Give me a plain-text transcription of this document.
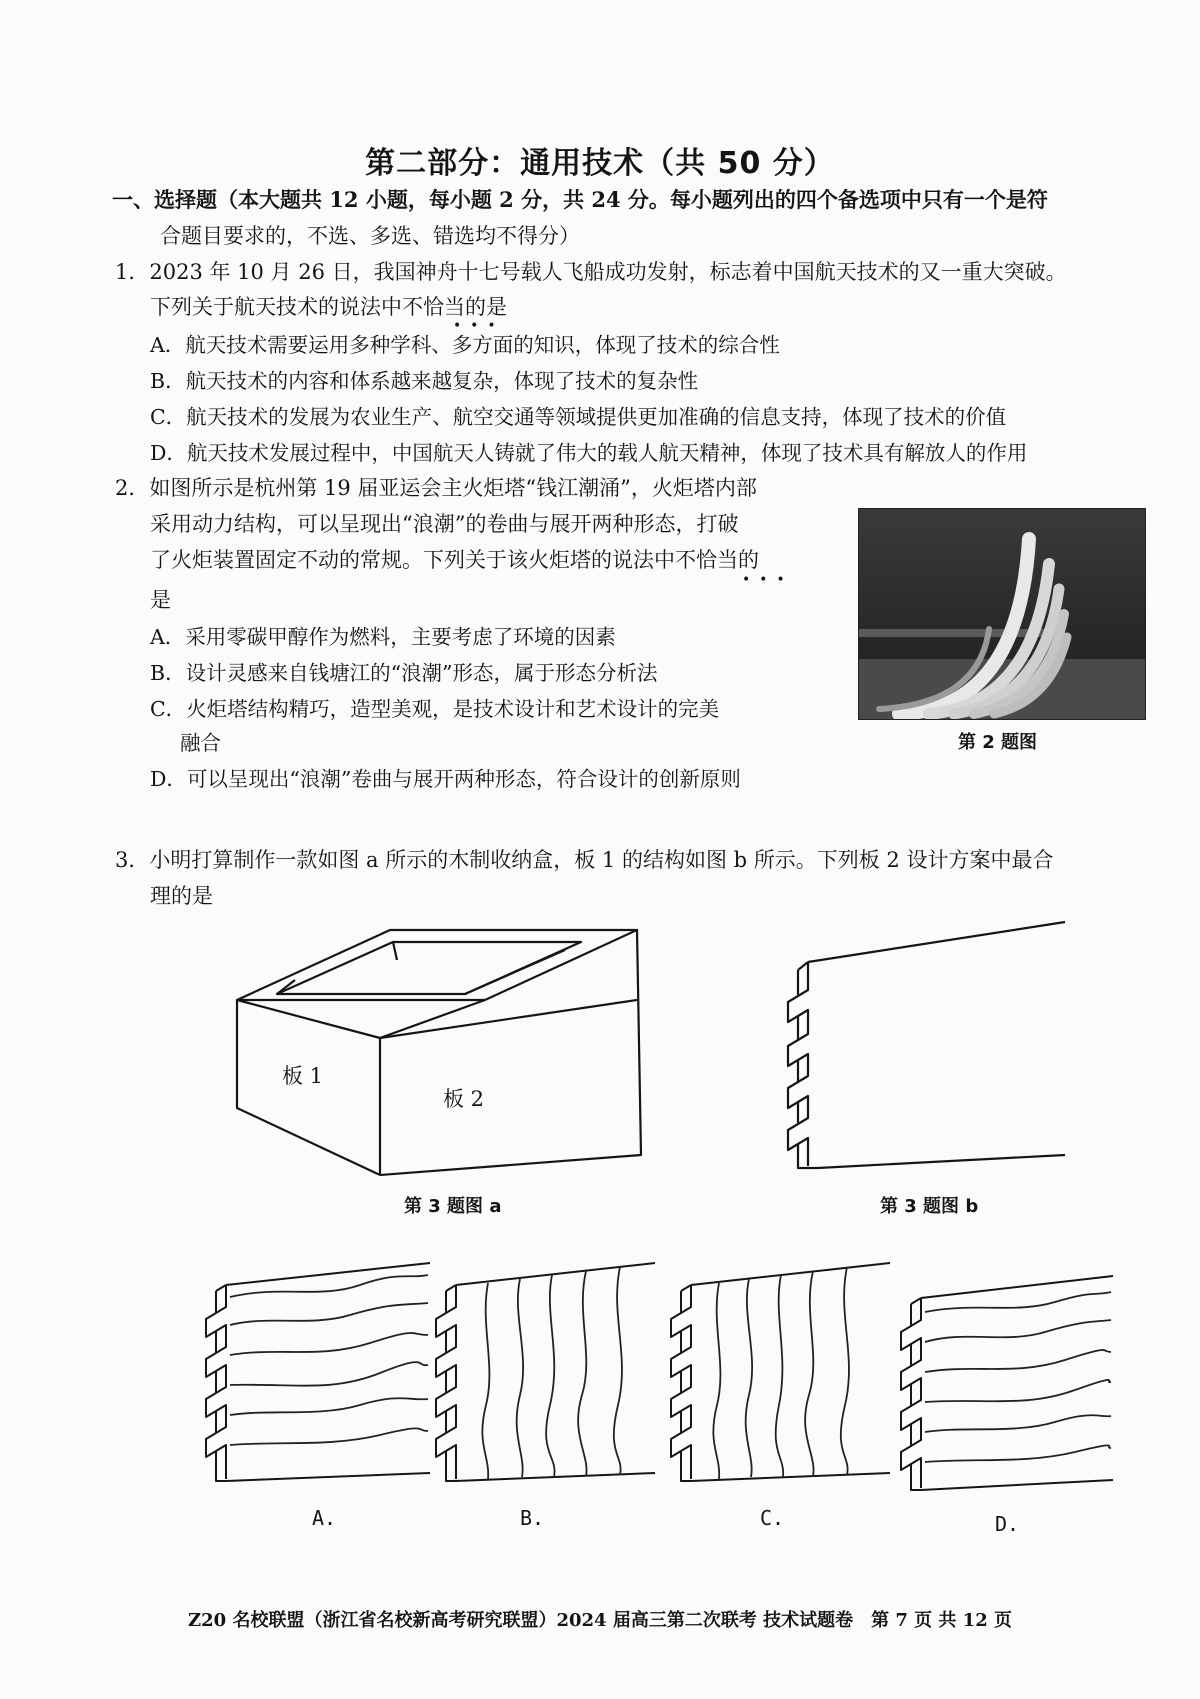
第二部分：通用技术（共 50 分）
一、选择题（本大题共 12 小题，每小题 2 分，共 24 分。每小题列出的四个备选项中只有一个是符
合题目要求的，不选、多选、错选均不得分）
1．2023 年 10 月 26 日，我国神舟十七号载人飞船成功发射，标志着中国航天技术的又一重大突破。
下列关于航天技术的说法中不恰当的是
•  •  •
A．航天技术需要运用多种学科、多方面的知识，体现了技术的综合性
B．航天技术的内容和体系越来越复杂，体现了技术的复杂性
C．航天技术的发展为农业生产、航空交通等领域提供更加准确的信息支持，体现了技术的价值
D．航天技术发展过程中，中国航天人铸就了伟大的载人航天精神，体现了技术具有解放人的作用
2．如图所示是杭州第 19 届亚运会主火炬塔“钱江潮涌”，火炬塔内部
采用动力结构，可以呈现出“浪潮”的卷曲与展开两种形态，打破
了火炬装置固定不动的常规。下列关于该火炬塔的说法中不恰当的
•  •  •
是
A．采用零碳甲醇作为燃料，主要考虑了环境的因素
B．设计灵感来自钱塘江的“浪潮”形态，属于形态分析法
C．火炬塔结构精巧，造型美观，是技术设计和艺术设计的完美
融合
D．可以呈现出“浪潮”卷曲与展开两种形态，符合设计的创新原则
第 2 题图
3．小明打算制作一款如图 a 所示的木制收纳盒，板 1 的结构如图 b 所示。下列板 2 设计方案中最合
理的是
板 1
板 2
第 3 题图 a	第 3 题图 b
A.	B.	C.	D.
Z20 名校联盟（浙江省名校新高考研究联盟）2024 届高三第二次联考 技术试题卷　第 7 页 共 12 页
